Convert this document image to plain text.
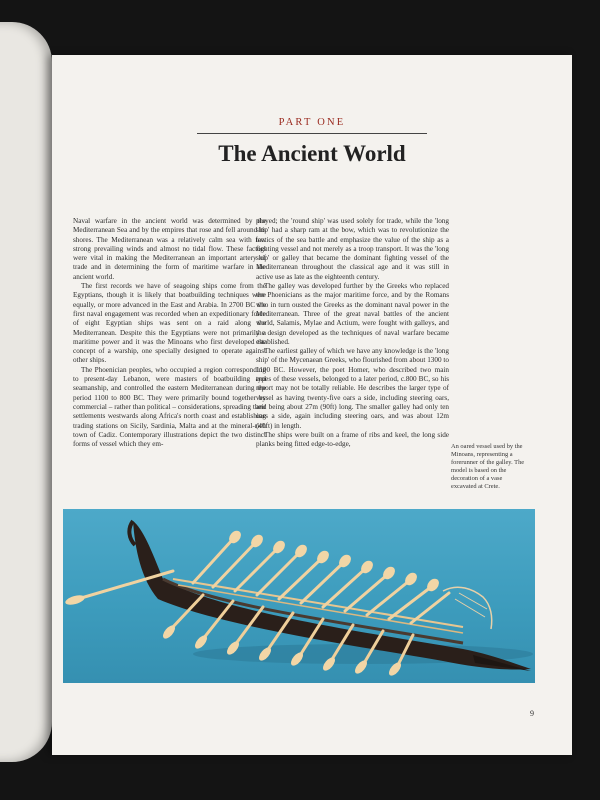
PART ONE
The Ancient World

Naval warfare in the ancient world was determined by the Mediterranean Sea and by the empires that rose and fell around its shores. The Mediterranean was a relatively calm sea with few strong prevailing winds and almost no tidal flow. These factors were vital in making the Mediterranean an important artery of trade and in determining the form of maritime warfare in the ancient world.

The first records we have of seagoing ships come from the Egyptians, though it is likely that boatbuilding techniques were equally, or more advanced in the East and Arabia. In 2700 BC the first naval engagement was recorded when an expeditionary force of eight Egyptian ships was sent on a raid along the Mediterranean. Despite this the Egyptians were not primarily a maritime power and it was the Minoans who first developed the concept of a warship, one specially designed to operate against other ships.

The Phoenician peoples, who occupied a region corresponding to present-day Lebanon, were masters of boatbuilding and seamanship, and controlled the eastern Mediterranean during the period 1100 to 800 BC. They were primarily bound together by commercial – rather than political – considerations, spreading their settlements westwards along Africa's north coast and establishing trading stations on Sicily, Sardinia, Malta and at the mineral-rich town of Cadiz. Contemporary illustrations depict the two distinct forms of vessel which they em-

ployed; the 'round ship' was used solely for trade, while the 'long ship' had a sharp ram at the bow, which was to revolutionize the tactics of the sea battle and emphasize the value of the ship as a fighting vessel and not merely as a troop transport. It was the 'long ship' or galley that became the dominant fighting vessel of the Mediterranean throughout the classical age and it was still in active use as late as the eighteenth century.

The galley was developed further by the Greeks who replaced the Phoenicians as the major maritime force, and by the Romans who in turn ousted the Greeks as the dominant naval power in the Mediterranean. Three of the great naval battles of the ancient world, Salamis, Mylae and Actium, were fought with galleys, and the design developed as the techniques of naval warfare became established.

The earliest galley of which we have any knowledge is the 'long ship' of the Mycenaean Greeks, who flourished from about 1300 to 1100 BC. However, the poet Homer, who described two main types of these vessels, belonged to a later period, c.800 BC, so his report may not be totally reliable. He describes the larger type of vessel as having twenty-five oars a side, including steering oars, and being about 27m (90ft) long. The smaller galley had only ten oars a side, again including steering oars, and was about 12m (40ft) in length.

The ships were built on a frame of ribs and keel, the long side planks being fitted edge-to-edge,	An oared vessel used by the Minoans, representing a forerunner of the galley. The model is based on the decoration of a vase excavated at Crete.
9
